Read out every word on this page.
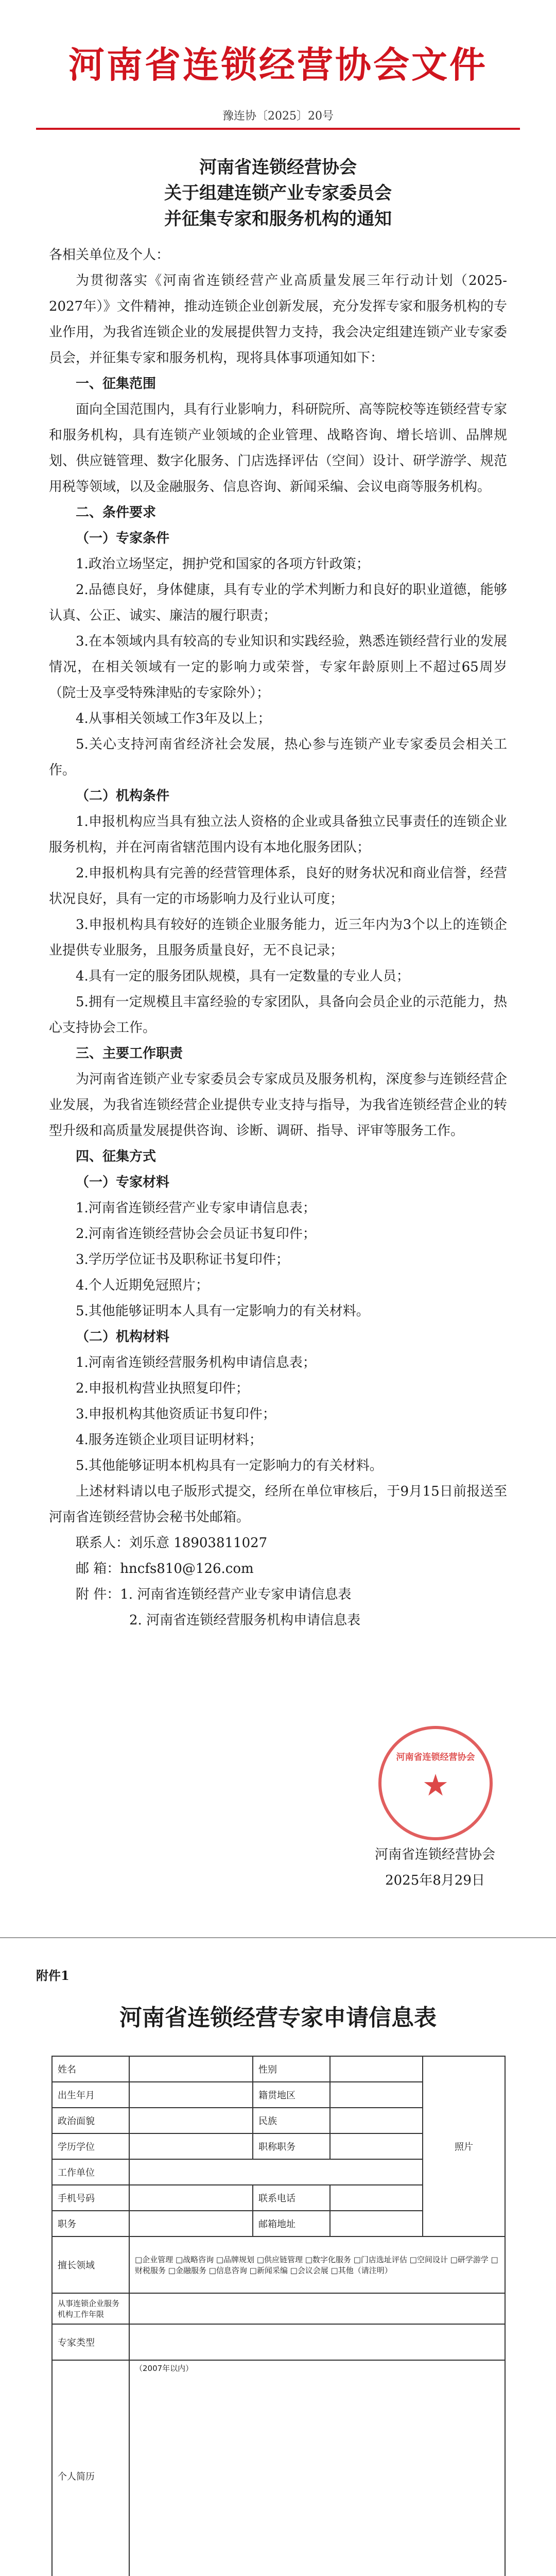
河南省连锁经营协会文件
豫连协〔2025〕20号
河南省连锁经营协会
关于组建连锁产业专家委员会
并征集专家和服务机构的通知

各相关单位及个人：

为贯彻落实《河南省连锁经营产业高质量发展三年行动计划（2025-2027年）》文件精神，推动连锁企业创新发展，充分发挥专家和服务机构的专业作用，为我省连锁企业的发展提供智力支持，我会决定组建连锁产业专家委员会，并征集专家和服务机构，现将具体事项通知如下：

一、征集范围

面向全国范围内，具有行业影响力，科研院所、高等院校等连锁经营专家和服务机构，具有连锁产业领域的企业管理、战略咨询、增长培训、品牌规划、供应链管理、数字化服务、门店选择评估（空间）设计、研学游学、规范用税等领域，以及金融服务、信息咨询、新闻采编、会议电商等服务机构。

二、条件要求

（一）专家条件

1.政治立场坚定，拥护党和国家的各项方针政策；

2.品德良好，身体健康，具有专业的学术判断力和良好的职业道德，能够认真、公正、诚实、廉洁的履行职责；

3.在本领域内具有较高的专业知识和实践经验，熟悉连锁经营行业的发展情况，在相关领域有一定的影响力或荣誉，专家年龄原则上不超过65周岁（院士及享受特殊津贴的专家除外）；

4.从事相关领域工作3年及以上；

5.关心支持河南省经济社会发展，热心参与连锁产业专家委员会相关工作。

（二）机构条件

1.申报机构应当具有独立法人资格的企业或具备独立民事责任的连锁企业服务机构，并在河南省辖范围内设有本地化服务团队；

2.申报机构具有完善的经营管理体系，良好的财务状况和商业信誉，经营状况良好，具有一定的市场影响力及行业认可度；

3.申报机构具有较好的连锁企业服务能力，近三年内为3个以上的连锁企业提供专业服务，且服务质量良好，无不良记录；

4.具有一定的服务团队规模，具有一定数量的专业人员；

5.拥有一定规模且丰富经验的专家团队，具备向会员企业的示范能力，热心支持协会工作。

三、主要工作职责

为河南省连锁产业专家委员会专家成员及服务机构，深度参与连锁经营企业发展，为我省连锁经营企业提供专业支持与指导，为我省连锁经营企业的转型升级和高质量发展提供咨询、诊断、调研、指导、评审等服务工作。

四、征集方式

（一）专家材料

1.河南省连锁经营产业专家申请信息表；

2.河南省连锁经营协会会员证书复印件；

3.学历学位证书及职称证书复印件；

4.个人近期免冠照片；

5.其他能够证明本人具有一定影响力的有关材料。

（二）机构材料

1.河南省连锁经营服务机构申请信息表；

2.申报机构营业执照复印件；

3.申报机构其他资质证书复印件；

4.服务连锁企业项目证明材料；

5.其他能够证明本机构具有一定影响力的有关材料。

上述材料请以电子版形式提交，经所在单位审核后，于9月15日前报送至河南省连锁经营协会秘书处邮箱。

联系人：刘乐意 18903811027

邮 箱：hncfs810@126.com

附 件：1. 河南省连锁经营产业专家申请信息表

2. 河南省连锁经营服务机构申请信息表

河南省连锁经营协会
★
河南省连锁经营协会
2025年8月29日
附件1
河南省连锁经营专家申请信息表
姓名		性别		照片
出生年月		籍贯地区		
政治面貌		民族		
学历学位		职称职务		
工作单位				
手机号码		联系电话		
职务		邮箱地址		
擅长领域	□企业管理 □战略咨询 □品牌规划 □供应链管理 □数字化服务 □门店选址评估 □空间设计 □研学游学 □财税服务 □金融服务 □信息咨询 □新闻采编 □会议会展 □其他（请注明）			
从事连锁企业服务机构工作年限				
专家类型				
个人简历	（2007年以内）			
